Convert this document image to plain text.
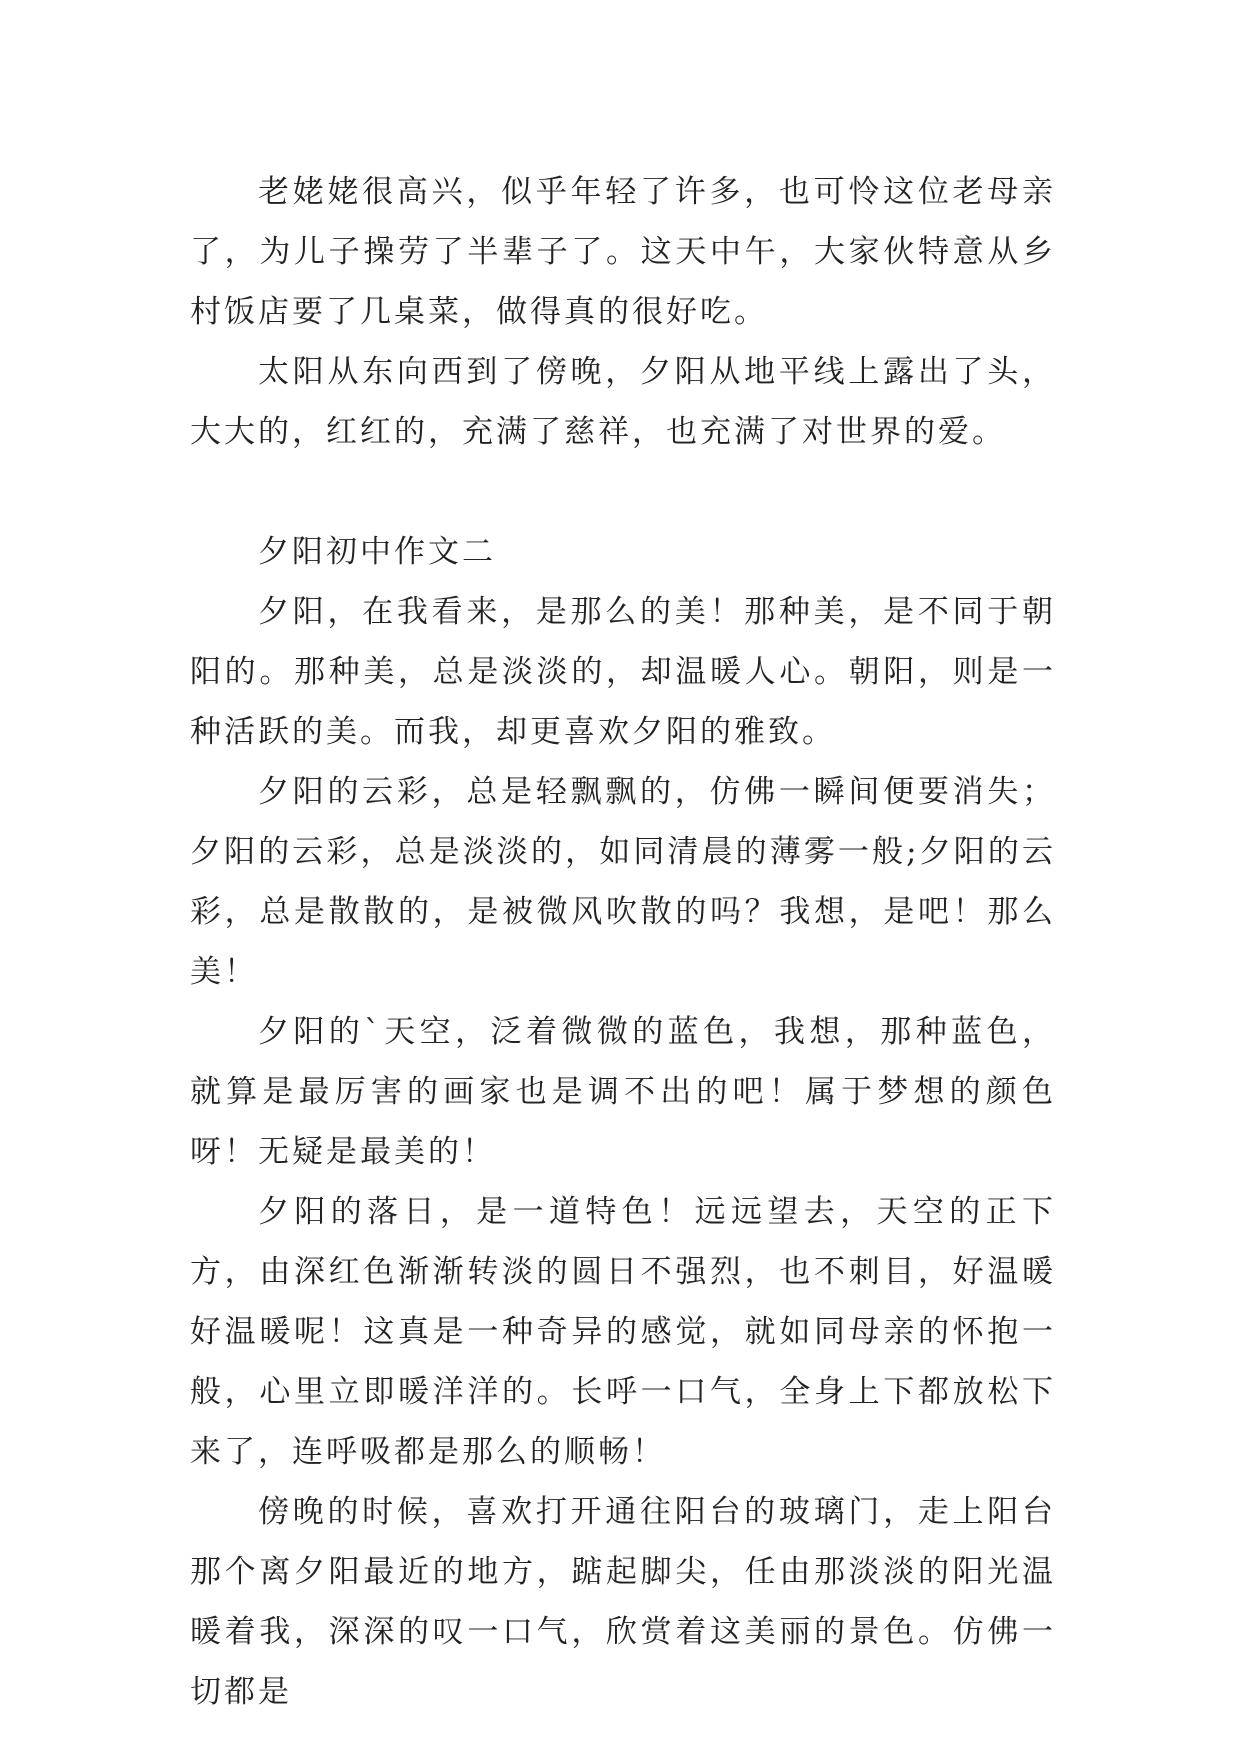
老姥姥很高兴，似乎年轻了许多，也可怜这位老母亲了，为儿子操劳了半辈子了。这天中午，大家伙特意从乡村饭店要了几桌菜，做得真的很好吃。

太阳从东向西到了傍晚，夕阳从地平线上露出了头，大大的，红红的，充满了慈祥，也充满了对世界的爱。

夕阳初中作文二

夕阳，在我看来，是那么的美！那种美，是不同于朝阳的。那种美，总是淡淡的，却温暖人心。朝阳，则是一种活跃的美。而我，却更喜欢夕阳的雅致。

夕阳的云彩，总是轻飘飘的，仿佛一瞬间便要消失；夕阳的云彩，总是淡淡的，如同清晨的薄雾一般;夕阳的云彩，总是散散的，是被微风吹散的吗？我想，是吧！那么美！

夕阳的`天空，泛着微微的蓝色，我想，那种蓝色，就算是最厉害的画家也是调不出的吧！属于梦想的颜色呀！无疑是最美的！

夕阳的落日，是一道特色！远远望去，天空的正下方，由深红色渐渐转淡的圆日不强烈，也不刺目，好温暖好温暖呢！这真是一种奇异的感觉，就如同母亲的怀抱一般，心里立即暖洋洋的。长呼一口气，全身上下都放松下来了，连呼吸都是那么的顺畅！

傍晚的时候，喜欢打开通往阳台的玻璃门，走上阳台那个离夕阳最近的地方，踮起脚尖，任由那淡淡的阳光温暖着我，深深的叹一口气，欣赏着这美丽的景色。仿佛一切都是
